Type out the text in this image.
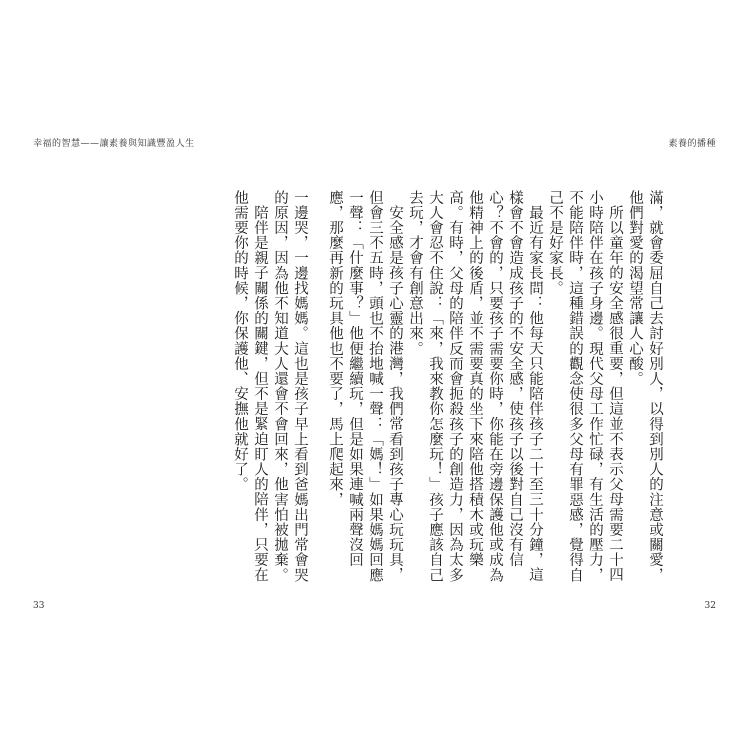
幸福的智慧——讓素養與知識豐盈人生

一邊哭，一邊找媽媽。這也是孩子早上看到爸媽出門常會哭的原因，因為他不知道大人還會不會回來，他害怕被拋棄。

陪伴是親子關係的關鍵，但不是緊迫盯人的陪伴，只要在他需要你的時候，你保護他、安撫他就好了。

33
素養的播種

滿，就會委屈自己去討好別人，以得到別人的注意或關愛，他們對愛的渴望常讓人心酸。

所以童年的安全感很重要，但這並不表示父母需要二十四小時陪伴在孩子身邊。現代父母工作忙碌，有生活的壓力，不能陪伴時，這種錯誤的觀念使很多父母有罪惡感，覺得自己不是好家長。

最近有家長問：他每天只能陪伴孩子二十至三十分鐘，這樣會不會造成孩子的不安全感，使孩子以後對自己沒有信心？不會的，只要孩子需要你時，你能在旁邊保護他或成為他精神上的後盾，並不需要真的坐下來陪他搭積木或玩樂高。有時，父母的陪伴反而會扼殺孩子的創造力，因為太多大人會忍不住說：「來，我來教你怎麼玩！」孩子應該自己去玩，才會有創意出來。

安全感是孩子心靈的港灣，我們常看到孩子專心玩玩具，但會三不五時，頭也不抬地喊一聲：「媽！」如果媽媽回應一聲：「什麼事？」他便繼續玩，但是如果連喊兩聲沒回應，那麼再新的玩具他也不要了，馬上爬起來，

32
